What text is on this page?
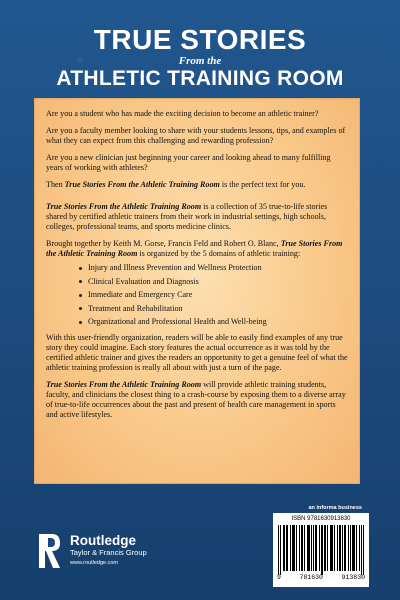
TRUE STORIES
From the
ATHLETIC TRAINING ROOM

Are you a student who has made the exciting decision to become an athletic trainer?

Are you a faculty member looking to share with your students lessons, tips, and examples of what they can expect from this challenging and rewarding profession?

Are you a new clinician just beginning your career and looking ahead to many fulfilling years of working with athletes?

Then True Stories From the Athletic Training Room is the perfect text for you.

True Stories From the Athletic Training Room is a collection of 35 true-to-life stories shared by certified athletic trainers from their work in industrial settings, high schools, colleges, professional teams, and sports medicine clinics.

Brought together by Keith M. Gorse, Francis Feld and Robert O. Blanc, True Stories From the Athletic Training Room is organized by the 5 domains of athletic training:

Injury and Illness Prevention and Wellness Protection
Clinical Evaluation and Diagnosis
Immediate and Emergency Care
Treatment and Rehabilitation
Organizational and Professional Health and Well-being

With this user-friendly organization, readers will be able to easily find examples of any true story they could imagine. Each story features the actual occurrence as it was told by the certified athletic trainer and gives the readers an opportunity to get a genuine feel of what the athletic training profession is really all about with just a turn of the page.

True Stories From the Athletic Training Room will provide athletic training students, faculty, and clinicians the closest thing to a crash-course by exposing them to a diverse array of true-to-life occurrences about the past and present of health care management in sports and active lifestyles.

an informa business
Routledge
Taylor & Francis Group
www.routledge.com
ISBN 9781630913830
9	781630	913830
